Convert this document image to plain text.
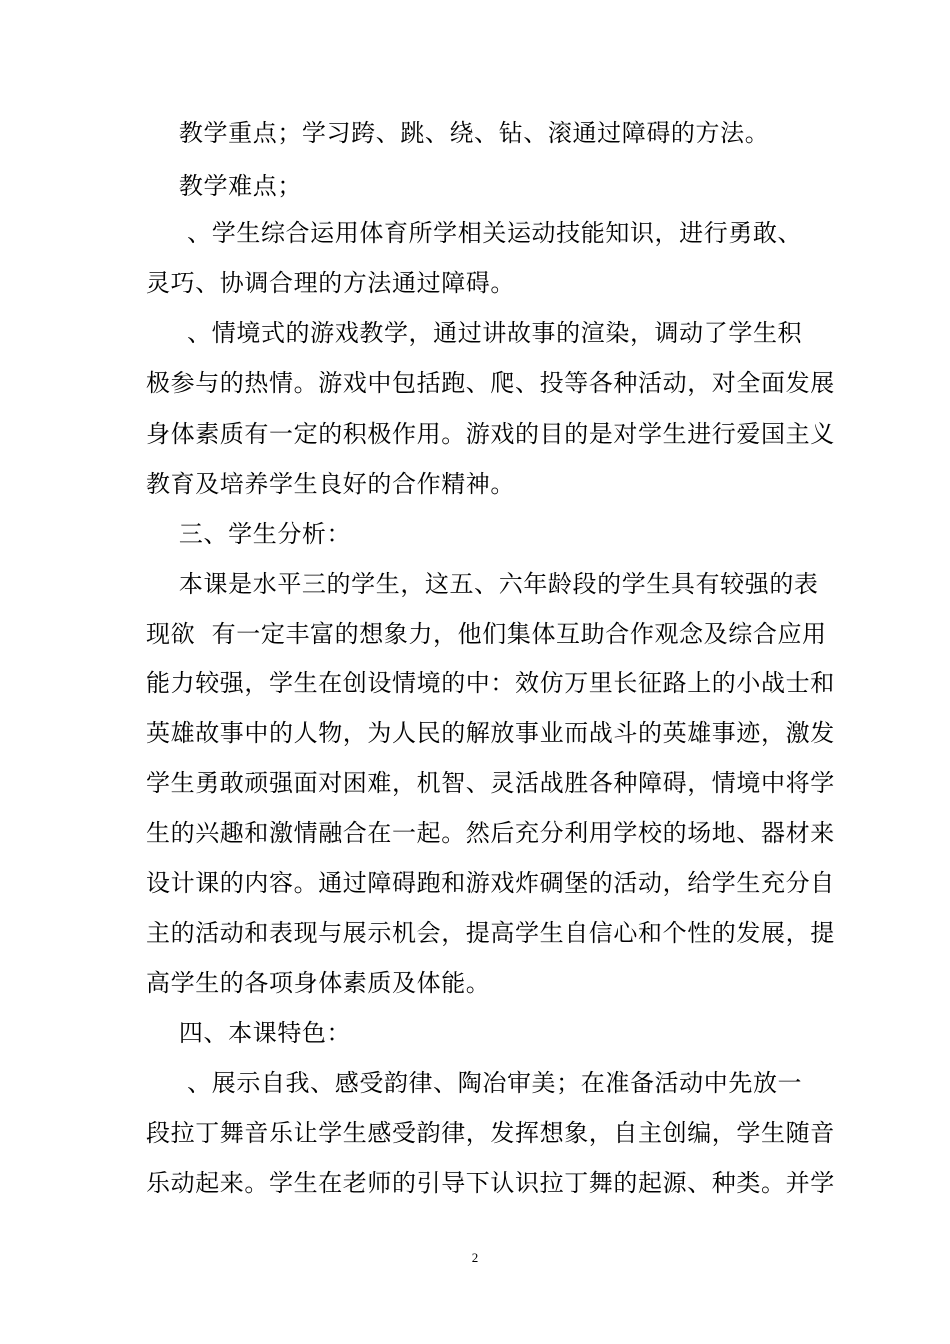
教学重点；学习跨、跳、绕、钻、滚通过障碍的方法。
教学难点；
、学生综合运用体育所学相关运动技能知识，进行勇敢、
灵巧、协调合理的方法通过障碍。
、情境式的游戏教学，通过讲故事的渲染，调动了学生积
极参与的热情。游戏中包括跑、爬、投等各种活动，对全面发展
身体素质有一定的积极作用。游戏的目的是对学生进行爱国主义
教育及培养学生良好的合作精神。
三、学生分析：
本课是水平三的学生，这五、六年龄段的学生具有较强的表
现欲  有一定丰富的想象力，他们集体互助合作观念及综合应用
能力较强，学生在创设情境的中：效仿万里长征路上的小战士和
英雄故事中的人物，为人民的解放事业而战斗的英雄事迹，激发
学生勇敢顽强面对困难，机智、灵活战胜各种障碍，情境中将学
生的兴趣和激情融合在一起。然后充分利用学校的场地、器材来
设计课的内容。通过障碍跑和游戏炸碉堡的活动，给学生充分自
主的活动和表现与展示机会，提高学生自信心和个性的发展，提
高学生的各项身体素质及体能。
四、本课特色：
、展示自我、感受韵律、陶冶审美；在准备活动中先放一
段拉丁舞音乐让学生感受韵律，发挥想象，自主创编，学生随音
乐动起来。学生在老师的引导下认识拉丁舞的起源、种类。并学
2
